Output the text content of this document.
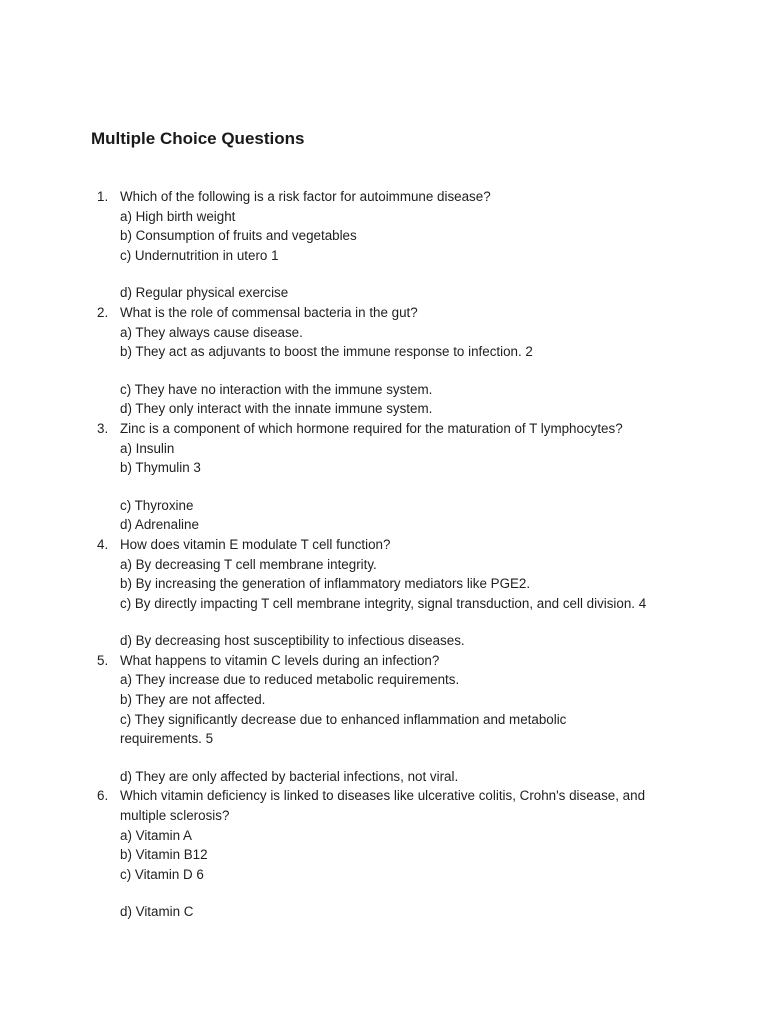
Multiple Choice Questions
1. Which of the following is a risk factor for autoimmune disease?
a) High birth weight
b) Consumption of fruits and vegetables
c) Undernutrition in utero 1
d) Regular physical exercise
2. What is the role of commensal bacteria in the gut?
a) They always cause disease.
b) They act as adjuvants to boost the immune response to infection. 2
c) They have no interaction with the immune system.
d) They only interact with the innate immune system.
3. Zinc is a component of which hormone required for the maturation of T lymphocytes?
a) Insulin
b) Thymulin 3
c) Thyroxine
d) Adrenaline
4. How does vitamin E modulate T cell function?
a) By decreasing T cell membrane integrity.
b) By increasing the generation of inflammatory mediators like PGE2.
c) By directly impacting T cell membrane integrity, signal transduction, and cell division. 4
d) By decreasing host susceptibility to infectious diseases.
5. What happens to vitamin C levels during an infection?
a) They increase due to reduced metabolic requirements.
b) They are not affected.
c) They significantly decrease due to enhanced inflammation and metabolic
requirements. 5
d) They are only affected by bacterial infections, not viral.
6. Which vitamin deficiency is linked to diseases like ulcerative colitis, Crohn's disease, and
multiple sclerosis?
a) Vitamin A
b) Vitamin B12
c) Vitamin D 6
d) Vitamin C
